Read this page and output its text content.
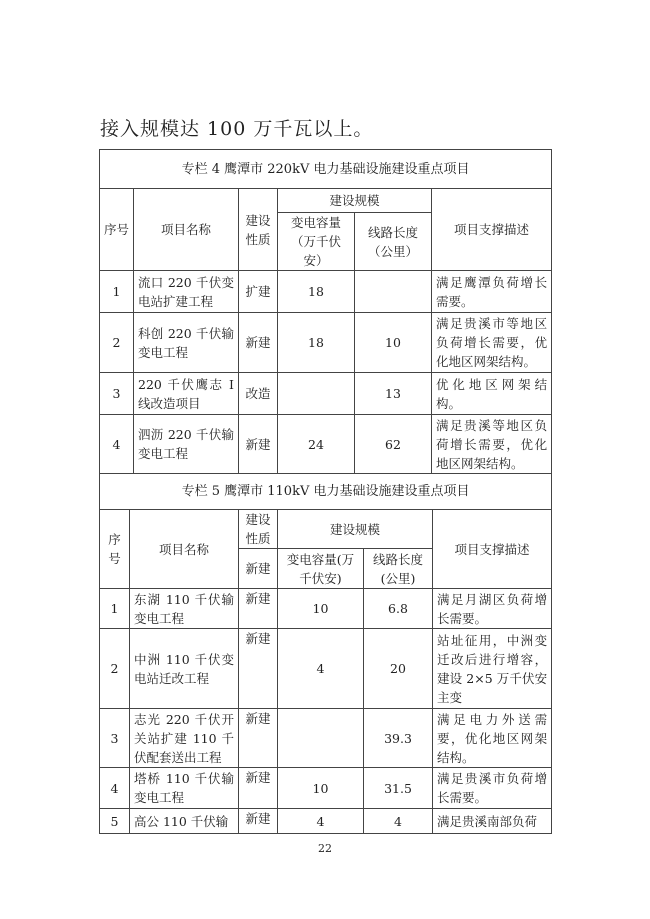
接入规模达 100 万千瓦以上。
专栏 4 鹰潭市 220kV 电力基础设施建设重点项目					
序号	项目名称	建设性质	建设规模		项目支撑描述
			变电容量（万千伏安）	线路长度（公里）	
1	流口 220 千伏变电站扩建工程	扩建	18		满足鹰潭负荷增长需要。
2	科创 220 千伏输变电工程	新建	18	10	满足贵溪市等地区负荷增长需要，优化地区网架结构。
3	220 千伏鹰志 I 线改造项目	改造		13	优化地区网架结构。
4	泗沥 220 千伏输变电工程	新建	24	62	满足贵溪等地区负荷增长需要，优化地区网架结构。
专栏 5 鹰潭市 110kV 电力基础设施建设重点项目					
序号	项目名称	建设性质	建设规模		项目支撑描述
		新建	变电容量(万千伏安)	线路长度(公里)	
1	东湖 110 千伏输变电工程	新建	10	6.8	满足月湖区负荷增长需要。
2	中洲 110 千伏变电站迁改工程	新建	4	20	站址征用，中洲变迁改后进行增容，建设 2×5 万千伏安主变
3	志光 220 千伏开关站扩建 110 千伏配套送出工程	新建		39.3	满足电力外送需要，优化地区网架结构。
4	塔桥 110 千伏输变电工程	新建	10	31.5	满足贵溪市负荷增长需要。
5	高公 110 千伏输	新建	4	4	满足贵溪南部负荷
22
